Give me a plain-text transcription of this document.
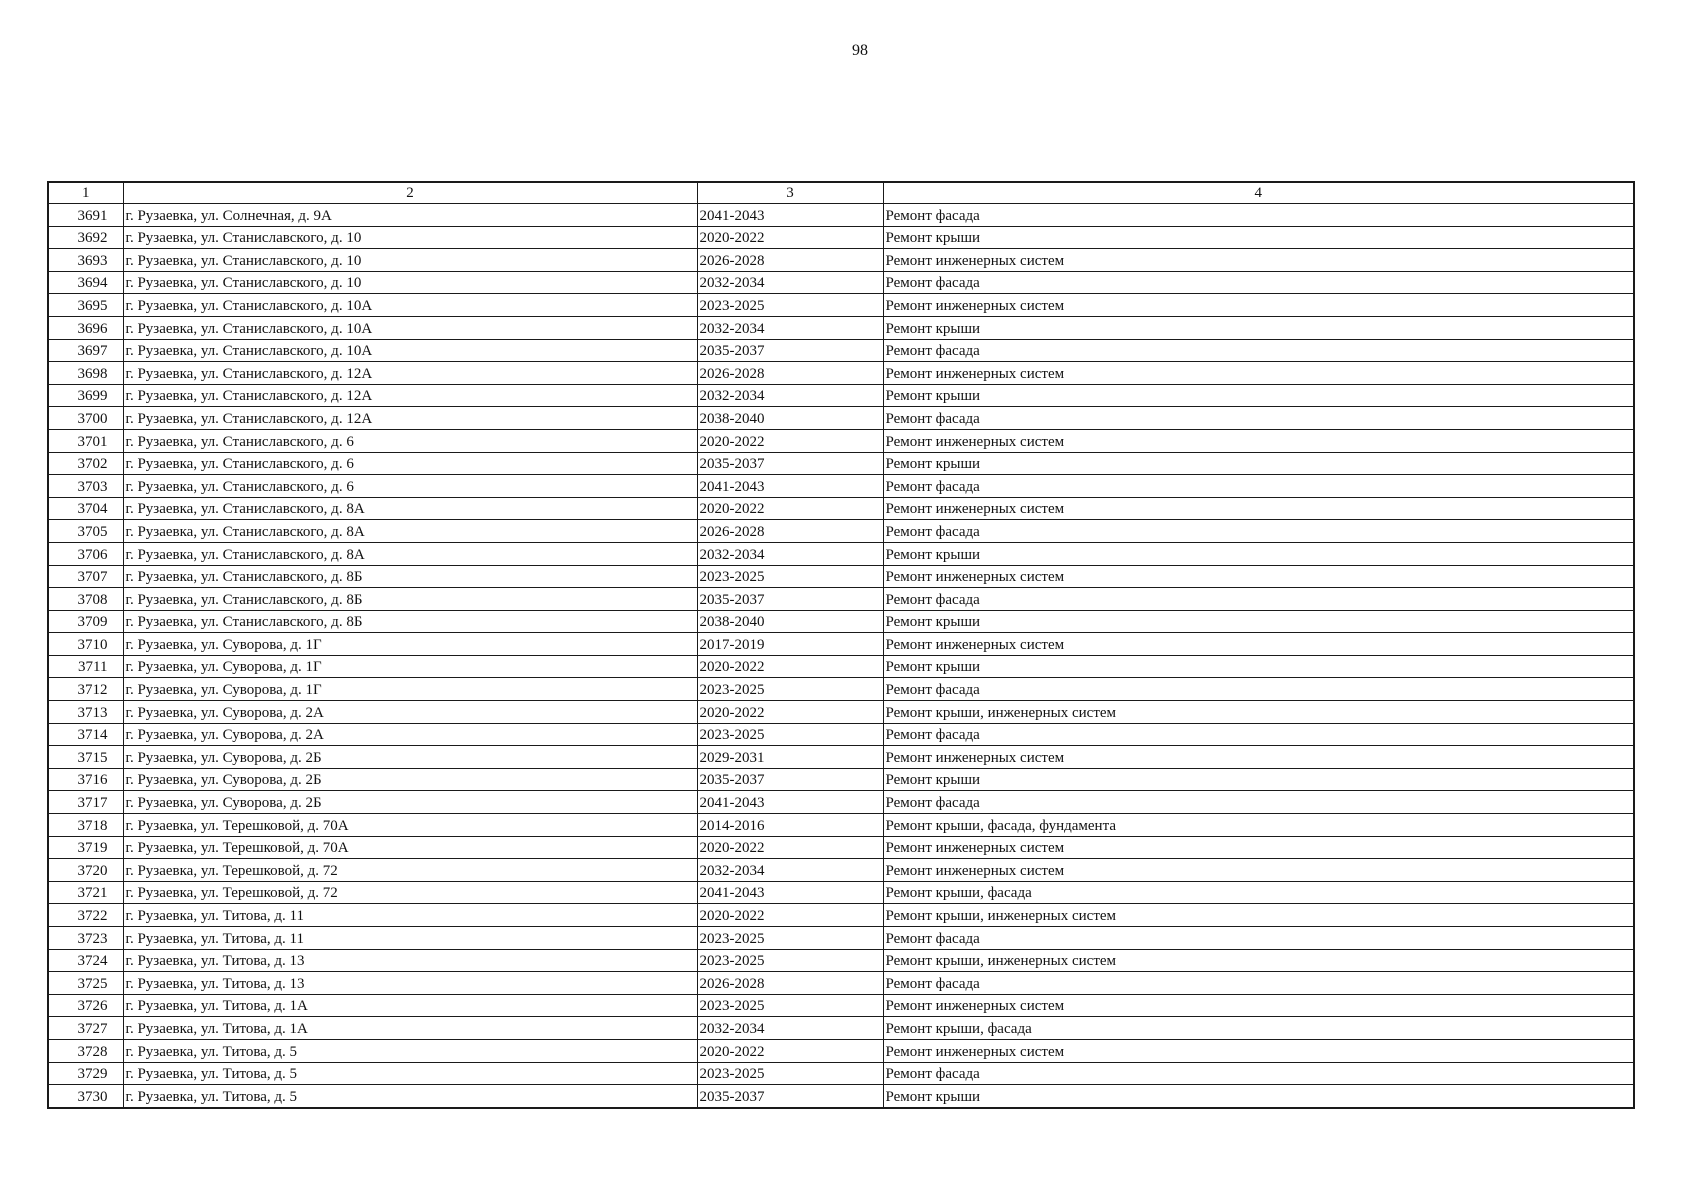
98
1	2	3	4
3691	г. Рузаевка, ул. Солнечная, д. 9А	2041-2043	Ремонт фасада
3692	г. Рузаевка, ул. Станиславского, д. 10	2020-2022	Ремонт крыши
3693	г. Рузаевка, ул. Станиславского, д. 10	2026-2028	Ремонт инженерных систем
3694	г. Рузаевка, ул. Станиславского, д. 10	2032-2034	Ремонт фасада
3695	г. Рузаевка, ул. Станиславского, д. 10А	2023-2025	Ремонт инженерных систем
3696	г. Рузаевка, ул. Станиславского, д. 10А	2032-2034	Ремонт крыши
3697	г. Рузаевка, ул. Станиславского, д. 10А	2035-2037	Ремонт фасада
3698	г. Рузаевка, ул. Станиславского, д. 12А	2026-2028	Ремонт инженерных систем
3699	г. Рузаевка, ул. Станиславского, д. 12А	2032-2034	Ремонт крыши
3700	г. Рузаевка, ул. Станиславского, д. 12А	2038-2040	Ремонт фасада
3701	г. Рузаевка, ул. Станиславского, д. 6	2020-2022	Ремонт инженерных систем
3702	г. Рузаевка, ул. Станиславского, д. 6	2035-2037	Ремонт крыши
3703	г. Рузаевка, ул. Станиславского, д. 6	2041-2043	Ремонт фасада
3704	г. Рузаевка, ул. Станиславского, д. 8А	2020-2022	Ремонт инженерных систем
3705	г. Рузаевка, ул. Станиславского, д. 8А	2026-2028	Ремонт фасада
3706	г. Рузаевка, ул. Станиславского, д. 8А	2032-2034	Ремонт крыши
3707	г. Рузаевка, ул. Станиславского, д. 8Б	2023-2025	Ремонт инженерных систем
3708	г. Рузаевка, ул. Станиславского, д. 8Б	2035-2037	Ремонт фасада
3709	г. Рузаевка, ул. Станиславского, д. 8Б	2038-2040	Ремонт крыши
3710	г. Рузаевка, ул. Суворова, д. 1Г	2017-2019	Ремонт инженерных систем
3711	г. Рузаевка, ул. Суворова, д. 1Г	2020-2022	Ремонт крыши
3712	г. Рузаевка, ул. Суворова, д. 1Г	2023-2025	Ремонт фасада
3713	г. Рузаевка, ул. Суворова, д. 2А	2020-2022	Ремонт крыши, инженерных систем
3714	г. Рузаевка, ул. Суворова, д. 2А	2023-2025	Ремонт фасада
3715	г. Рузаевка, ул. Суворова, д. 2Б	2029-2031	Ремонт инженерных систем
3716	г. Рузаевка, ул. Суворова, д. 2Б	2035-2037	Ремонт крыши
3717	г. Рузаевка, ул. Суворова, д. 2Б	2041-2043	Ремонт фасада
3718	г. Рузаевка, ул. Терешковой, д. 70А	2014-2016	Ремонт крыши, фасада, фундамента
3719	г. Рузаевка, ул. Терешковой, д. 70А	2020-2022	Ремонт инженерных систем
3720	г. Рузаевка, ул. Терешковой, д. 72	2032-2034	Ремонт инженерных систем
3721	г. Рузаевка, ул. Терешковой, д. 72	2041-2043	Ремонт крыши, фасада
3722	г. Рузаевка, ул. Титова, д. 11	2020-2022	Ремонт крыши, инженерных систем
3723	г. Рузаевка, ул. Титова, д. 11	2023-2025	Ремонт фасада
3724	г. Рузаевка, ул. Титова, д. 13	2023-2025	Ремонт крыши, инженерных систем
3725	г. Рузаевка, ул. Титова, д. 13	2026-2028	Ремонт фасада
3726	г. Рузаевка, ул. Титова, д. 1А	2023-2025	Ремонт инженерных систем
3727	г. Рузаевка, ул. Титова, д. 1А	2032-2034	Ремонт крыши, фасада
3728	г. Рузаевка, ул. Титова, д. 5	2020-2022	Ремонт инженерных систем
3729	г. Рузаевка, ул. Титова, д. 5	2023-2025	Ремонт фасада
3730	г. Рузаевка, ул. Титова, д. 5	2035-2037	Ремонт крыши
